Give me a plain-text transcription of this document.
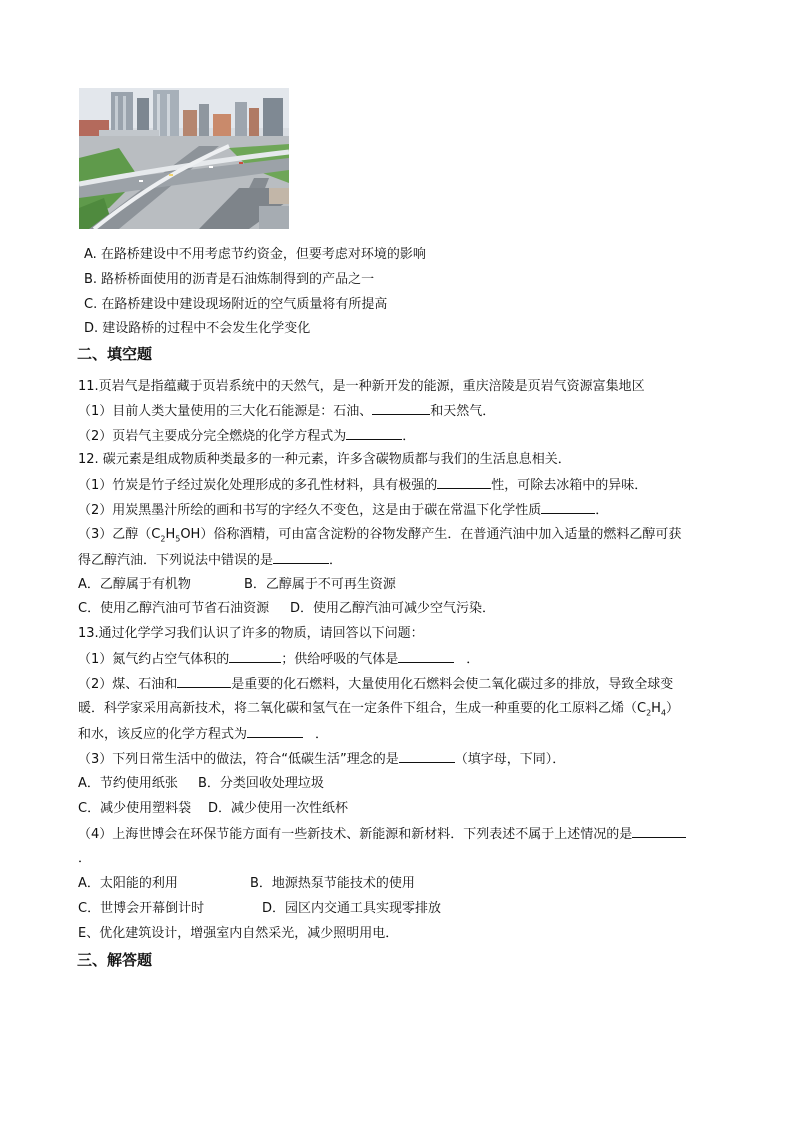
A. 在路桥建设中不用考虑节约资金，但要考虑对环境的影响
B. 路桥桥面使用的沥青是石油炼制得到的产品之一
C. 在路桥建设中建设现场附近的空气质量将有所提高
D. 建设路桥的过程中不会发生化学变化
二、填空题
11.页岩气是指蕴藏于页岩系统中的天然气，是一种新开发的能源，重庆涪陵是页岩气资源富集地区
（1）目前人类大量使用的三大化石能源是：石油、	和天然气．
（2）页岩气主要成分完全燃烧的化学方程式为	．
12. 碳元素是组成物质种类最多的一种元素，许多含碳物质都与我们的生活息息相关．
（1）竹炭是竹子经过炭化处理形成的多孔性材料，具有极强的	性，可除去冰箱中的异味．
（2）用炭黑墨汁所绘的画和书写的字经久不变色，这是由于碳在常温下化学性质	．
（3）乙醇$(C_2H_5OH)$俗称酒精，可由富含淀粉的谷物发酵产生．在普通汽油中加入适量的燃料乙醇可获
得乙醇汽油．下列说法中错误的是	．
A．乙醇属于有机物	B．乙醇属于不可再生资源
C．使用乙醇汽油可节省石油资源 D．使用乙醇汽油可减少空气污染．
13.通过化学学习我们认识了许多的物质，请回答以下问题：
（1）氮气约占空气体积的	；供给呼吸的气体是	．
（2）煤、石油和	是重要的化石燃料，大量使用化石燃料会使二氧化碳过多的排放，导致全球变
暖．科学家采用高新技术，将二氧化碳和氢气在一定条件下组合，生成一种重要的化工原料乙烯$(C_2H_4)$
和水，该反应的化学方程式为	．
（3）下列日常生活中的做法，符合“低碳生活”理念的是	（填字母，下同）．
A．节约使用纸张 B．分类回收处理垃圾
C．减少使用塑料袋 D．减少使用一次性纸杯
（4）上海世博会在环保节能方面有一些新技术、新能源和新材料．下列表述不属于上述情况的是
．
A．太阳能的利用	B．地源热泵节能技术的使用
C．世博会开幕倒计时	D．园区内交通工具实现零排放
E、优化建筑设计，增强室内自然采光，减少照明用电．
三、解答题
